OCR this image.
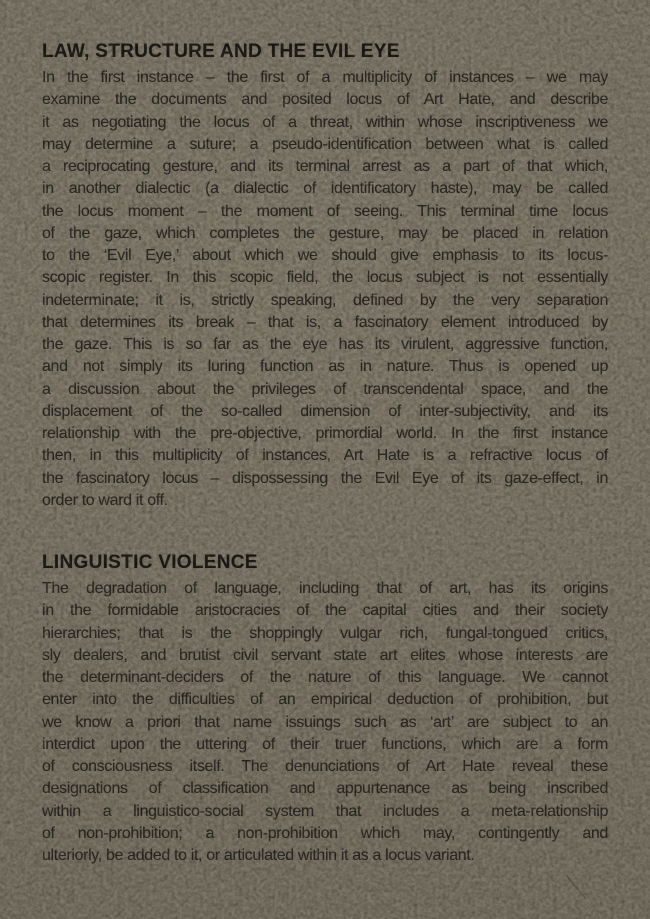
LAW, STRUCTURE AND THE EVIL EYE
In the first instance – the first of a multiplicity of instances – we may
examine the documents and posited locus of Art Hate, and describe
it as negotiating the locus of a threat, within whose inscriptiveness we
may determine a suture; a pseudo-identification between what is called
a reciprocating gesture, and its terminal arrest as a part of that which,
in another dialectic (a dialectic of identificatory haste), may be called
the locus moment – the moment of seeing. This terminal time locus
of the gaze, which completes the gesture, may be placed in relation
to the ‘Evil Eye,’ about which we should give emphasis to its locus-
scopic register. In this scopic field, the locus subject is not essentially
indeterminate; it is, strictly speaking, defined by the very separation
that determines its break – that is, a fascinatory element introduced by
the gaze. This is so far as the eye has its virulent, aggressive function,
and not simply its luring function as in nature. Thus is opened up
a discussion about the privileges of transcendental space, and the
displacement of the so-called dimension of inter-subjectivity, and its
relationship with the pre-objective, primordial world. In the first instance
then, in this multiplicity of instances, Art Hate is a refractive locus of
the fascinatory locus – dispossessing the Evil Eye of its gaze-effect, in
order to ward it off.
LINGUISTIC VIOLENCE
The degradation of language, including that of art, has its origins
in the formidable aristocracies of the capital cities and their society
hierarchies; that is the shoppingly vulgar rich, fungal-tongued critics,
sly dealers, and brutist civil servant state art elites whose interests are
the determinant-deciders of the nature of this language. We cannot
enter into the difficulties of an empirical deduction of prohibition, but
we know a priori that name issuings such as ‘art’ are subject to an
interdict upon the uttering of their truer functions, which are a form
of consciousness itself. The denunciations of Art Hate reveal these
designations of classification and appurtenance as being inscribed
within a linguistico-social system that includes a meta-relationship
of non-prohibition; a non-prohibition which may, contingently and
ulteriorly, be added to it, or articulated within it as a locus variant.
